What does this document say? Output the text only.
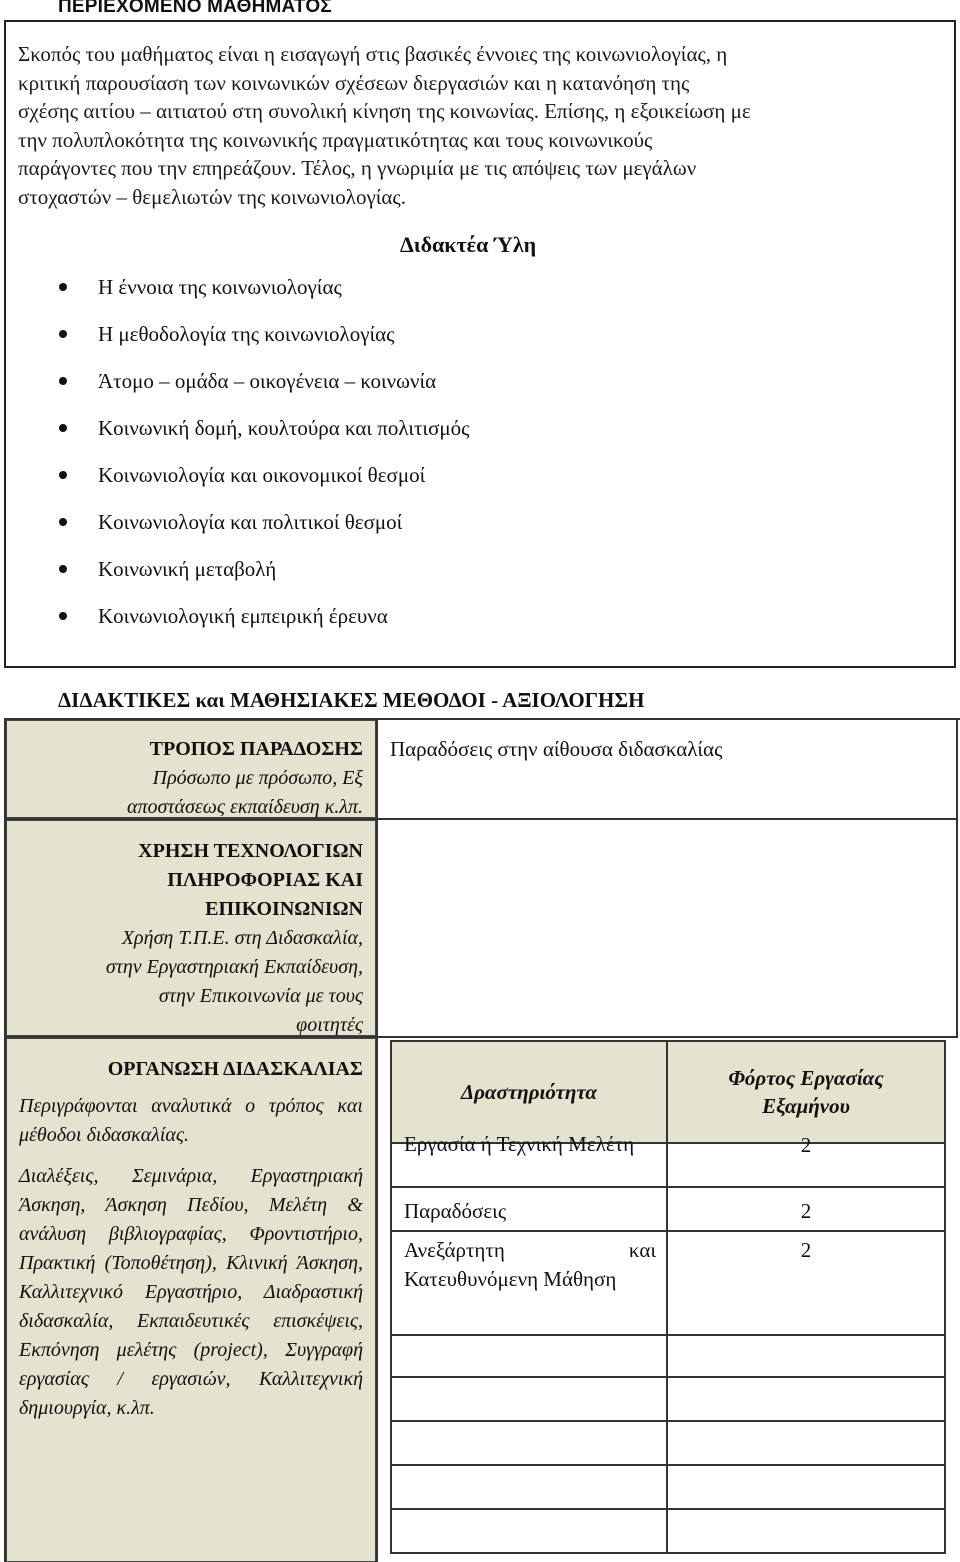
ΠΕΡΙΕΧΟΜΕΝΟ ΜΑΘΗΜΑΤΟΣ
Σκοπός του μαθήματος είναι η εισαγωγή στις βασικές έννοιες της κοινωνιολογίας, η
κριτική παρουσίαση των κοινωνικών σχέσεων διεργασιών και η κατανόηση της
σχέσης αιτίου – αιτιατού στη συνολική κίνηση της κοινωνίας. Επίσης, η εξοικείωση με
την πολυπλοκότητα της κοινωνικής πραγματικότητας και τους κοινωνικούς
παράγοντες που την επηρεάζουν. Τέλος, η γνωριμία με τις απόψεις των μεγάλων
στοχαστών – θεμελιωτών της κοινωνιολογίας.
Διδακτέα Ύλη
Η έννοια της κοινωνιολογίας
Η μεθοδολογία της κοινωνιολογίας
Άτομο – ομάδα – οικογένεια – κοινωνία
Κοινωνική δομή, κουλτούρα και πολιτισμός
Κοινωνιολογία και οικονομικοί θεσμοί
Κοινωνιολογία και πολιτικοί θεσμοί
Κοινωνική μεταβολή
Κοινωνιολογική εμπειρική έρευνα
ΔΙΔΑΚΤΙΚΕΣ και ΜΑΘΗΣΙΑΚΕΣ ΜΕΘΟΔΟΙ - ΑΞΙΟΛΟΓΗΣΗ
ΤΡΟΠΟΣ ΠΑΡΑΔΟΣΗΣ
Πρόσωπο με πρόσωπο, Εξ
αποστάσεως εκπαίδευση κ.λπ.
Παραδόσεις στην αίθουσα διδασκαλίας
ΧΡΗΣΗ ΤΕΧΝΟΛΟΓΙΩΝ
ΠΛΗΡΟΦΟΡΙΑΣ ΚΑΙ
ΕΠΙΚΟΙΝΩΝΙΩΝ
Χρήση Τ.Π.Ε. στη Διδασκαλία,
στην Εργαστηριακή Εκπαίδευση,
στην Επικοινωνία με τους
φοιτητές
ΟΡΓΑΝΩΣΗ ΔΙΔΑΣΚΑΛΙΑΣ
Περιγράφονται αναλυτικά ο τρόπος και μέθοδοι διδασκαλίας.
Διαλέξεις, Σεμινάρια, Εργαστηριακή Άσκηση, Άσκηση Πεδίου, Μελέτη & ανάλυση βιβλιογραφίας, Φροντιστήριο, Πρακτική (Τοποθέτηση), Κλινική Άσκηση, Καλλιτεχνικό Εργαστήριο, Διαδραστική διδασκαλία, Εκπαιδευτικές επισκέψεις, Εκπόνηση μελέτης (project), Συγγραφή εργασίας / εργασιών, Καλλιτεχνική δημιουργία, κ.λπ.
Δραστηριότητα
Φόρτος Εργασίας Εξαμήνου
Εργασία ή Τεχνική Μελέτη	2
Παραδόσεις	2
Ανεξάρτητη και Κατευθυνόμενη Μάθηση
2
